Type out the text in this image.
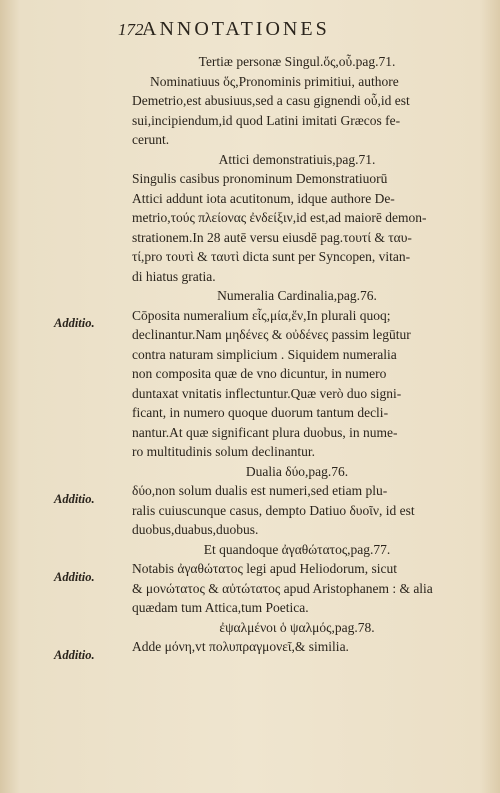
172
ANNOTATIONES
Tertiæ personæ Singul.ὅς,οὗ.pag.71.
Nominatiuus ὅς,Pronominis primitiui, authore
Demetrio,est abusiuus,sed a casu gignendi οὗ,id est
sui,incipiendum,id quod Latini imitati Græcos fe-
cerunt.
Attici demonstratiuis,pag.71.
Singulis casibus pronominum Demonstratiuorū
Attici addunt iota acutitonum, idque authore De-
metrio,τούς πλείονας ἐνδείξιν,id est,ad maiorē demon-
strationem.In 28 autē versu eiusdē pag.τουτί & ταυ-
τί,pro τουτὶ & ταυτὶ dicta sunt per Syncopen, vitan-
di hiatus gratia.
Numeralia Cardinalia,pag.76.
Cōposita numeralium εἷς,μία,ἕν,In plurali quoq;
declinantur.Nam μηδένες & οὐδένες passim legūtur
contra naturam simplicium . Siquidem numeralia
non composita quæ de vno dicuntur, in numero
duntaxat vnitatis inflectuntur.Quæ verò duo signi-
ficant, in numero quoque duorum tantum decli-
nantur.At quæ significant plura duobus, in nume-
ro multitudinis solum declinantur.
Dualia δύο,pag.76.
δύο,non solum dualis est numeri,sed etiam plu-
ralis cuiuscunque casus, dempto Datiuo δυοῖν, id est
duobus,duabus,duobus.
Et quandoque ἀγαθώτατος,pag.77.
Notabis ἀγαθώτατος legi apud Heliodorum, sicut
& μονώτατος & αὐτώτατος apud Aristophanem : & alia
quædam tum Attica,tum Poetica.
ἐψαλμένοι ὁ ψαλμός,pag.78.
Adde μόνη,vt πολυπραγμονεῖ,& similia.
Additio.
Additio.
Additio.
Additio.
